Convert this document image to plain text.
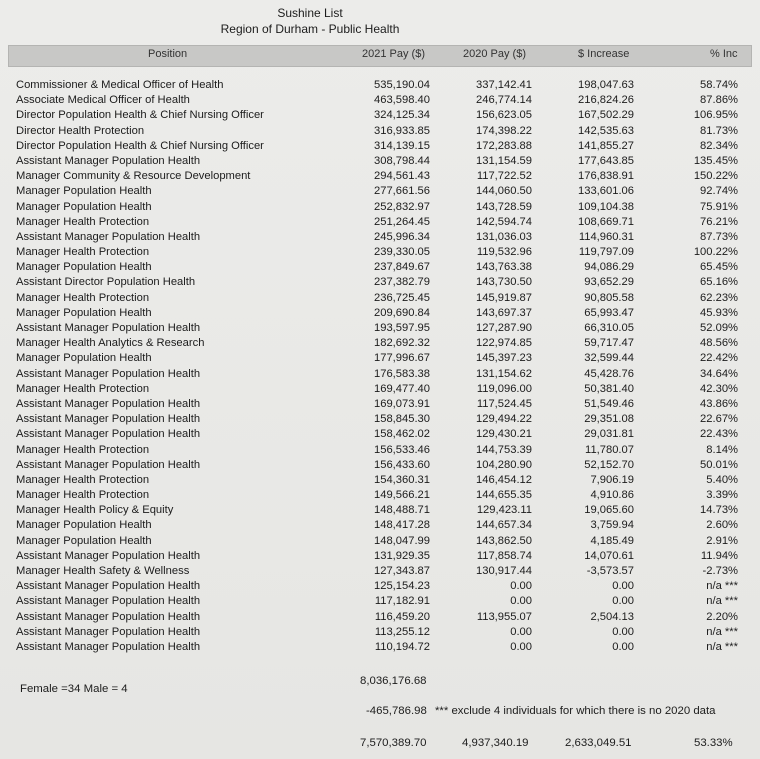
Sushine List
Region of Durham - Public Health
Position	2021 Pay ($)	2020 Pay ($)	$ Increase	% Inc
Commissioner & Medical Officer of Health	535,190.04	337,142.41	198,047.63	58.74%
Associate Medical Officer of Health	463,598.40	246,774.14	216,824.26	87.86%
Director Population Health & Chief Nursing Officer	324,125.34	156,623.05	167,502.29	106.95%
Director Health Protection	316,933.85	174,398.22	142,535.63	81.73%
Director Population Health & Chief Nursing Officer	314,139.15	172,283.88	141,855.27	82.34%
Assistant Manager Population Health	308,798.44	131,154.59	177,643.85	135.45%
Manager Community & Resource Development	294,561.43	117,722.52	176,838.91	150.22%
Manager Population Health	277,661.56	144,060.50	133,601.06	92.74%
Manager Population Health	252,832.97	143,728.59	109,104.38	75.91%
Manager Health Protection	251,264.45	142,594.74	108,669.71	76.21%
Assistant Manager Population Health	245,996.34	131,036.03	114,960.31	87.73%
Manager Health Protection	239,330.05	119,532.96	119,797.09	100.22%
Manager Population Health	237,849.67	143,763.38	94,086.29	65.45%
Assistant Director Population Health	237,382.79	143,730.50	93,652.29	65.16%
Manager Health Protection	236,725.45	145,919.87	90,805.58	62.23%
Manager Population Health	209,690.84	143,697.37	65,993.47	45.93%
Assistant Manager Population Health	193,597.95	127,287.90	66,310.05	52.09%
Manager Health Analytics & Research	182,692.32	122,974.85	59,717.47	48.56%
Manager Population Health	177,996.67	145,397.23	32,599.44	22.42%
Assistant Manager Population Health	176,583.38	131,154.62	45,428.76	34.64%
Manager Health Protection	169,477.40	119,096.00	50,381.40	42.30%
Assistant Manager Population Health	169,073.91	117,524.45	51,549.46	43.86%
Assistant Manager Population Health	158,845.30	129,494.22	29,351.08	22.67%
Assistant Manager Population Health	158,462.02	129,430.21	29,031.81	22.43%
Manager Health Protection	156,533.46	144,753.39	11,780.07	8.14%
Assistant Manager Population Health	156,433.60	104,280.90	52,152.70	50.01%
Manager Health Protection	154,360.31	146,454.12	7,906.19	5.40%
Manager Health Protection	149,566.21	144,655.35	4,910.86	3.39%
Manager Health Policy & Equity	148,488.71	129,423.11	19,065.60	14.73%
Manager Population Health	148,417.28	144,657.34	3,759.94	2.60%
Manager Population Health	148,047.99	143,862.50	4,185.49	2.91%
Assistant Manager Population Health	131,929.35	117,858.74	14,070.61	11.94%
Manager Health Safety & Wellness	127,343.87	130,917.44	-3,573.57	-2.73%
Assistant Manager Population Health	125,154.23	0.00	0.00	n/a ***
Assistant Manager Population Health	117,182.91	0.00	0.00	n/a ***
Assistant Manager Population Health	116,459.20	113,955.07	2,504.13	2.20%
Assistant Manager Population Health	113,255.12	0.00	0.00	n/a ***
Assistant Manager Population Health	110,194.72	0.00	0.00	n/a ***
Female =34 Male = 4
8,036,176.68
-465,786.98 *** exclude 4 individuals for which there is no 2020 data
7,570,389.70	4,937,340.19	2,633,049.51	53.33%
